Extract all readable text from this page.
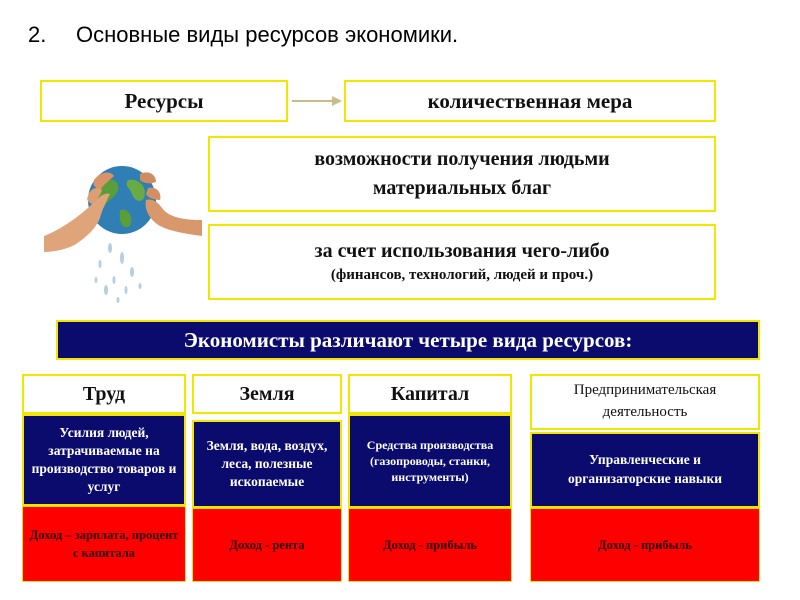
2. Основные виды ресурсов экономики.
Ресурсы	количественная мера
возможности получения людьми
материальных благ
за счет использования чего-либо
(финансов, технологий, людей и проч.)
Экономисты различают четыре вида ресурсов:
Труд
Усилия людей, затрачиваемые на производство товаров и услуг
Доход – зарплата, процент с капитала
Земля
Земля, вода, воздух, леса, полезные ископаемые
Доход - рента
Капитал
Средства производства (газопроводы, станки, инструменты)
Доход - прибыль
Предпринимательская деятельность
Управленческие и организаторские навыки
Доход - прибыль
